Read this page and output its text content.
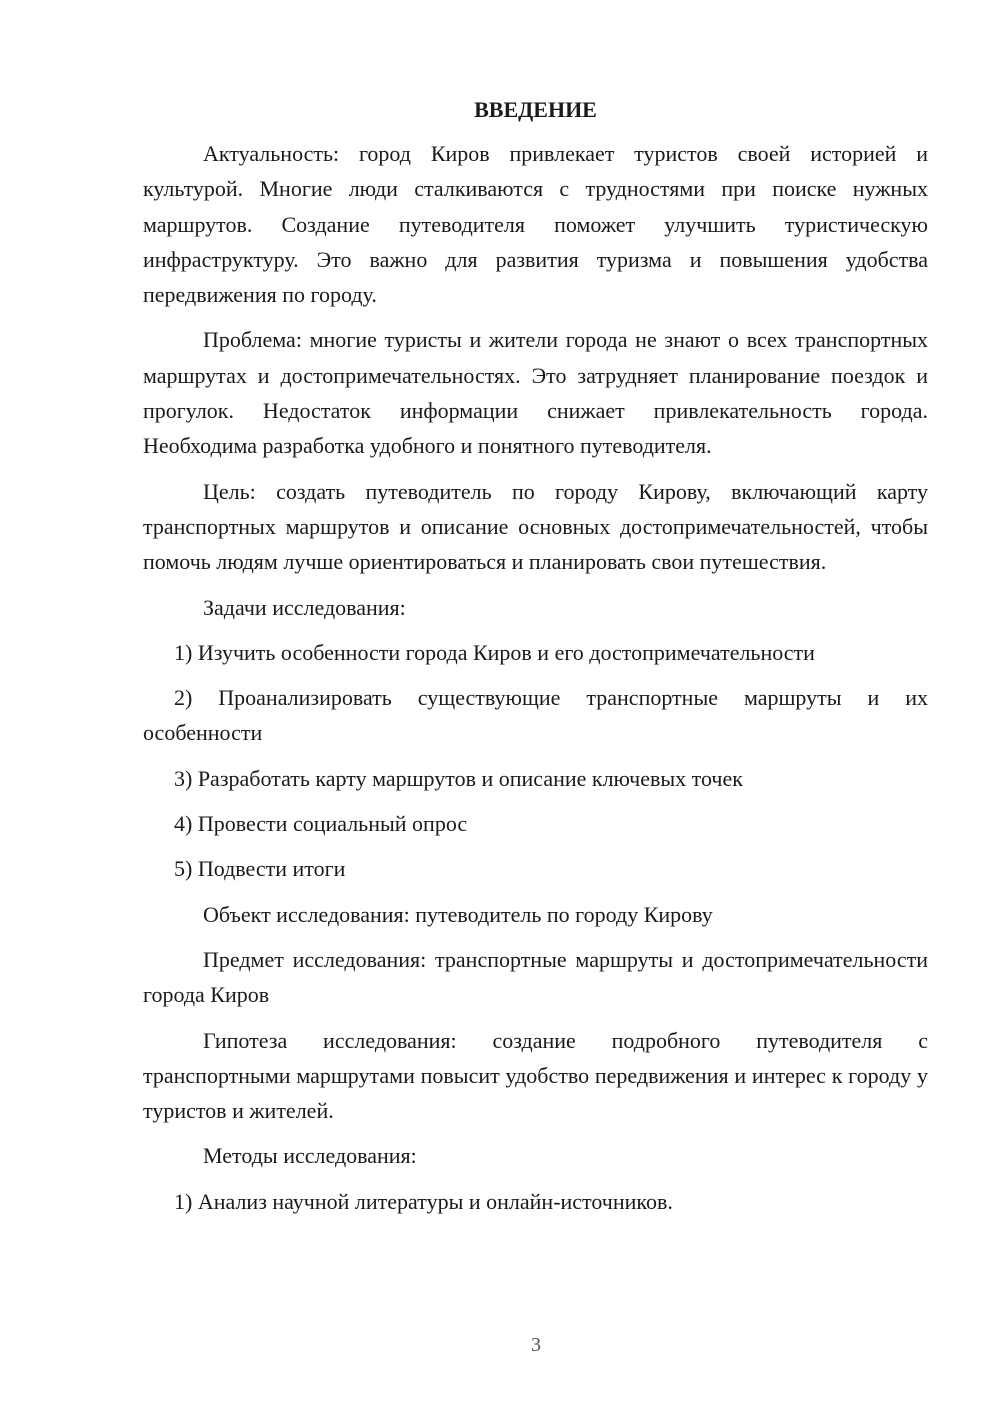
ВВЕДЕНИЕ

Актуальность: город Киров привлекает туристов своей историей и культурой. Многие люди сталкиваются с трудностями при поиске нужных маршрутов. Создание путеводителя поможет улучшить туристическую инфраструктуру. Это важно для развития туризма и повышения удобства передвижения по городу.

Проблема: многие туристы и жители города не знают о всех транспортных маршрутах и достопримечательностях. Это затрудняет планирование поездок и прогулок. Недостаток информации снижает привлекательность города. Необходима разработка удобного и понятного путеводителя.

Цель: создать путеводитель по городу Кирову, включающий карту транспортных маршрутов и описание основных достопримечательностей, чтобы помочь людям лучше ориентироваться и планировать свои путешествия.

Задачи исследования:

1) Изучить особенности города Киров и его достопримечательности

2) Проанализировать существующие транспортные маршруты и их особенности

3) Разработать карту маршрутов и описание ключевых точек

4) Провести социальный опрос

5) Подвести итоги

Объект исследования: путеводитель по городу Кирову

Предмет исследования: транспортные маршруты и достопримечательности города Киров

Гипотеза исследования: создание подробного путеводителя с транспортными маршрутами повысит удобство передвижения и интерес к городу у туристов и жителей.

Методы исследования:

1) Анализ научной литературы и онлайн-источников.

3
